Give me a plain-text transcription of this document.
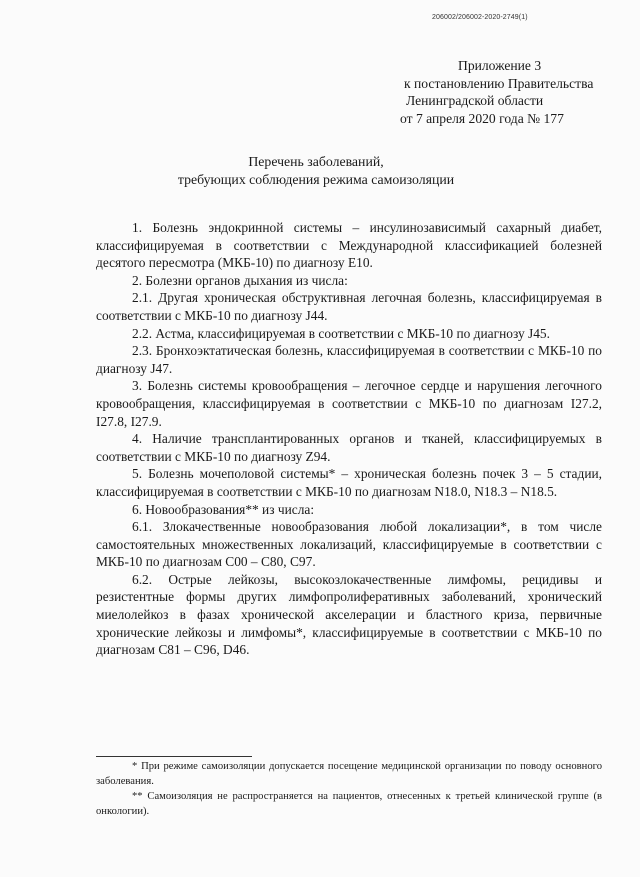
206002/206002-2020-2749(1)
Приложение 3
к постановлению Правительства
Ленинградской области
от 7 апреля 2020 года № 177
Перечень заболеваний,
требующих соблюдения режима самоизоляции

1. Болезнь эндокринной системы – инсулинозависимый сахарный диабет, классифицируемая в соответствии с Международной классификацией болезней десятого пересмотра (МКБ-10) по диагнозу E10.

2. Болезни органов дыхания из числа:

2.1. Другая хроническая обструктивная легочная болезнь, классифицируемая в соответствии с МКБ-10 по диагнозу J44.

2.2. Астма, классифицируемая в соответствии с МКБ-10 по диагнозу J45.

2.3. Бронхоэктатическая болезнь, классифицируемая в соответствии с МКБ-10 по диагнозу J47.

3. Болезнь системы кровообращения – легочное сердце и нарушения легочного кровообращения, классифицируемая в соответствии с МКБ-10 по диагнозам I27.2, I27.8, I27.9.

4. Наличие трансплантированных органов и тканей, классифицируемых в соответствии с МКБ-10 по диагнозу Z94.

5. Болезнь мочеполовой системы* – хроническая болезнь почек 3 – 5 стадии, классифицируемая в соответствии с МКБ-10 по диагнозам N18.0, N18.3 – N18.5.

6. Новообразования** из числа:

6.1. Злокачественные новообразования любой локализации*, в том числе самостоятельных множественных локализаций, классифицируемые в соответствии с МКБ-10 по диагнозам C00 – C80, C97.

6.2. Острые лейкозы, высокозлокачественные лимфомы, рецидивы и резистентные формы других лимфопролиферативных заболеваний, хронический миелолейкоз в фазах хронической акселерации и бластного криза, первичные хронические лейкозы и лимфомы*, классифицируемые в соответствии с МКБ-10 по диагнозам C81 – C96, D46.

* При режиме самоизоляции допускается посещение медицинской организации по поводу основного заболевания.

** Самоизоляция не распространяется на пациентов, отнесенных к третьей клинической группе (в онкологии).
